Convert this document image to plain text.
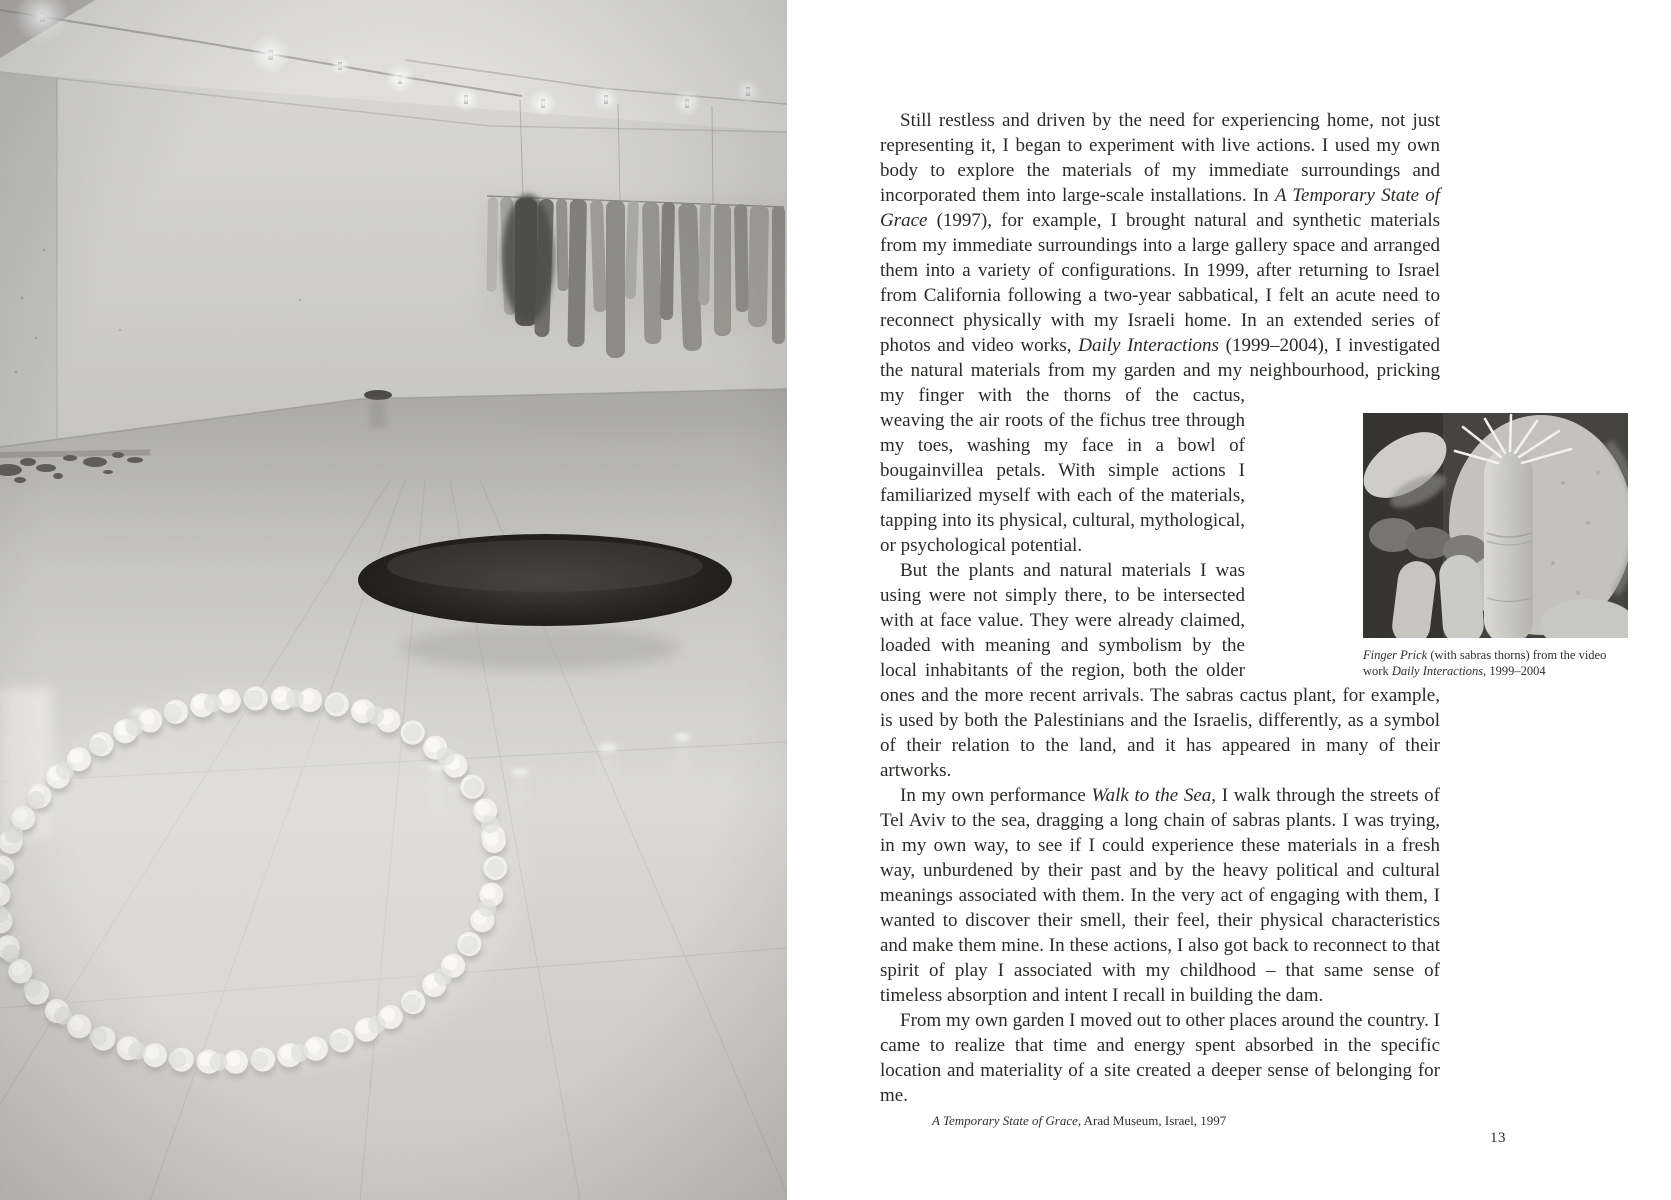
Still restless and driven by the need for experiencing home, not just representing it, I began to experiment with live actions. I used my own body to explore the materials of my immediate surroundings and incorporated them into large-scale installations. In A Temporary State of Grace (1997), for example, I brought natural and synthetic materials from my immediate surroundings into a large gallery space and arranged them into a variety of configurations. In 1999, after returning to Israel from California following a two-year sabbatical, I felt an acute need to reconnect physically with my Israeli home. In an extended series of photos and video works, Daily Interactions (1999–2004), I investigated the natural materials from my garden and my neighbourhood, pricking my
Finger Prick (with sabras thorns) from the video work Daily Interactions, 1999–2004
finger with the thorns of the cactus, weaving the air roots of the fichus tree through my toes, washing my face in a bowl of bougainvillea petals. With simple actions I familiarized myself with each of the materials, tapping into its physical, cultural, mythological, or psychological potential.

But the plants and natural materials I was using were not simply there, to be intersected with at face value. They were already claimed, loaded with meaning and symbolism by the local inhabitants of the region, both the older ones and the more recent arrivals. The sabras cactus plant, for example, is used by both the Palestinians and the Israelis, differently, as a symbol of their relation to the land, and it has appeared in many of their artworks.

In my own performance Walk to the Sea, I walk through the streets of Tel Aviv to the sea, dragging a long chain of sabras plants. I was trying, in my own way, to see if I could experience these materials in a fresh way, unburdened by their past and by the heavy political and cultural meanings associated with them. In the very act of engaging with them, I wanted to discover their smell, their feel, their physical characteristics and make them mine. In these actions, I also got back to reconnect to that spirit of play I associated with my childhood – that same sense of timeless absorption and intent I recall in building the dam.

From my own garden I moved out to other places around the country. I came to realize that time and energy spent absorbed in the specific location and materiality of a site created a deeper sense of belonging for me.

A Temporary State of Grace, Arad Museum, Israel, 1997
13
